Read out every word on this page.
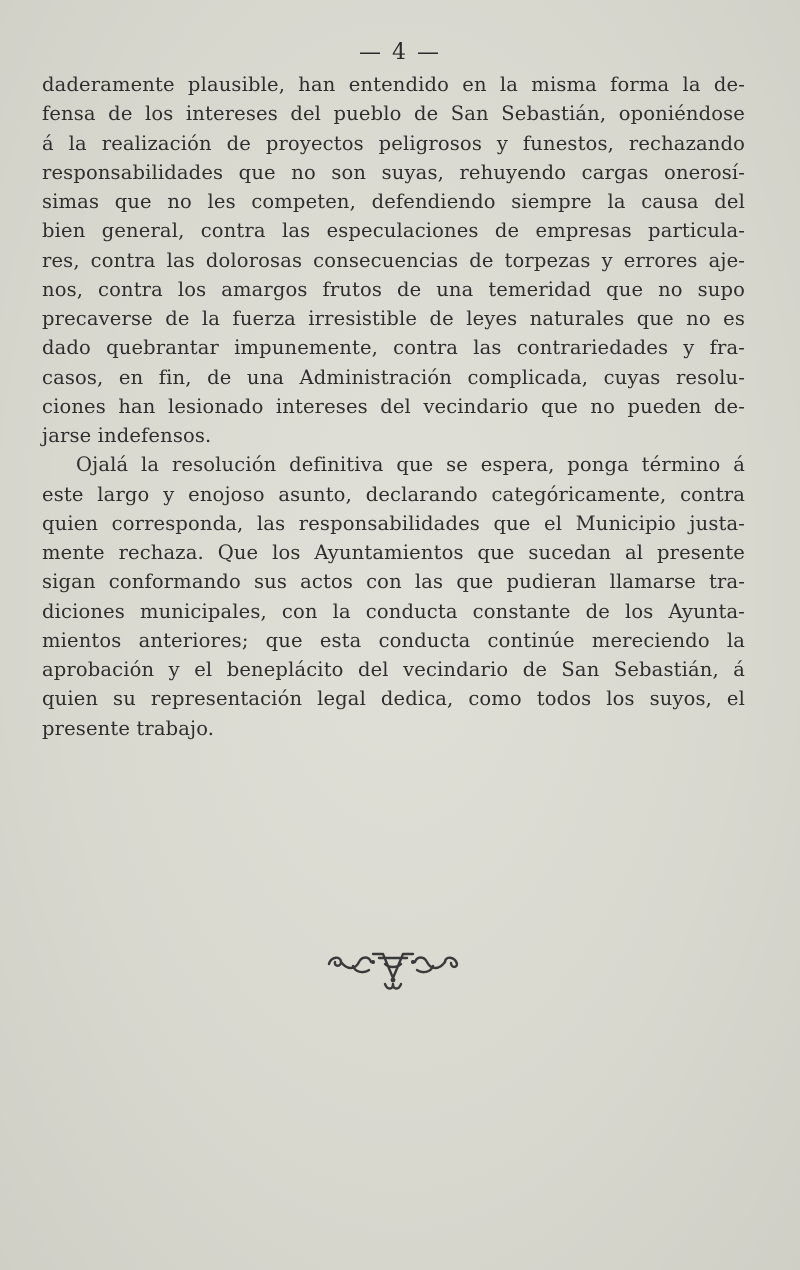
— 4 —
daderamente plausible, han entendido en la misma forma la de-
fensa de los intereses del pueblo de San Sebastián, oponiéndose
á la realización de proyectos peligrosos y funestos, rechazando
responsabilidades que no son suyas, rehuyendo cargas onerosí-
simas que no les competen, defendiendo siempre la causa del
bien general, contra las especulaciones de empresas particula-
res, contra las dolorosas consecuencias de torpezas y errores aje-
nos, contra los amargos frutos de una temeridad que no supo
precaverse de la fuerza irresistible de leyes naturales que no es
dado quebrantar impunemente, contra las contrariedades y fra-
casos, en fin, de una Administración complicada, cuyas resolu-
ciones han lesionado intereses del vecindario que no pueden de-
jarse indefensos.
Ojalá la resolución definitiva que se espera, ponga término á
este largo y enojoso asunto, declarando categóricamente, contra
quien corresponda, las responsabilidades que el Municipio justa-
mente rechaza. Que los Ayuntamientos que sucedan al presente
sigan conformando sus actos con las que pudieran llamarse tra-
diciones municipales, con la conducta constante de los Ayunta-
mientos anteriores; que esta conducta continúe mereciendo la
aprobación y el beneplácito del vecindario de San Sebastián, á
quien su representación legal dedica, como todos los suyos, el
presente trabajo.
